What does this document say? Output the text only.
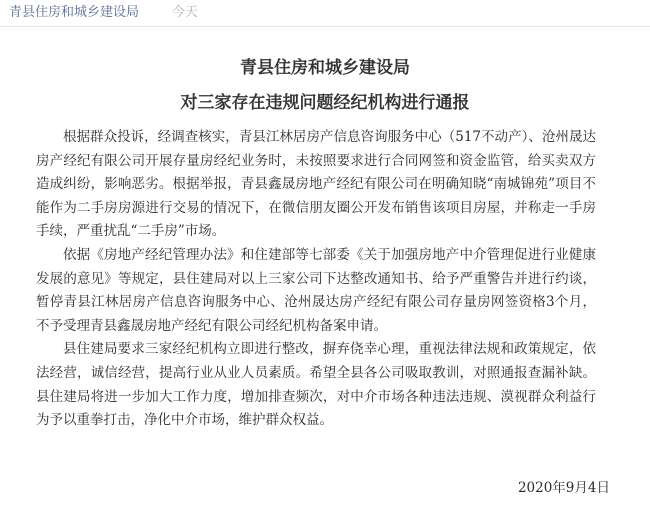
青县住房和城乡建设局	今天
青县住房和城乡建设局
对三家存在违规问题经纪机构进行通报

根据群众投诉，经调查核实，青县江林居房产信息咨询服务中心（517不动产）、沧州晟达房产经纪有限公司开展存量房经纪业务时，未按照要求进行合同网签和资金监管，给买卖双方造成纠纷，影响恶劣。根据举报，青县鑫晟房地产经纪有限公司在明确知晓“南城锦苑”项目不能作为二手房房源进行交易的情况下，在微信朋友圈公开发布销售该项目房屋，并称走一手房手续，严重扰乱“二手房”市场。

依据《房地产经纪管理办法》和住建部等七部委《关于加强房地产中介管理促进行业健康发展的意见》等规定，县住建局对以上三家公司下达整改通知书、给予严重警告并进行约谈，暂停青县江林居房产信息咨询服务中心、沧州晟达房产经纪有限公司存量房网签资格3个月，不予受理青县鑫晟房地产经纪有限公司经纪机构备案申请。

县住建局要求三家经纪机构立即进行整改，摒弃侥幸心理，重视法律法规和政策规定，依法经营，诚信经营，提高行业从业人员素质。希望全县各公司吸取教训，对照通报查漏补缺。县住建局将进一步加大工作力度，增加排查频次，对中介市场各种违法违规、漠视群众利益行为予以重拳打击，净化中介市场，维护群众权益。

2020年9月4日
